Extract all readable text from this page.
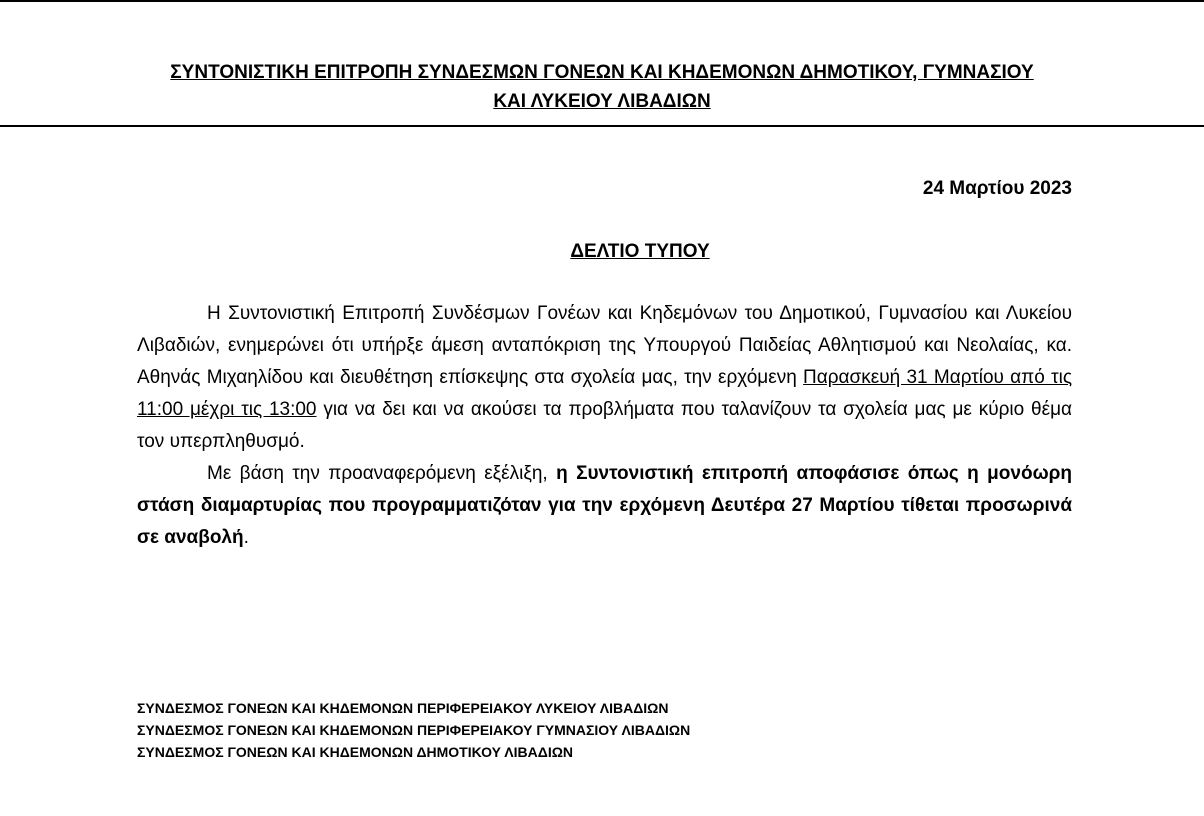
ΣΥΝΤΟΝΙΣΤΙΚΗ ΕΠΙΤΡΟΠΗ ΣΥΝΔΕΣΜΩΝ ΓΟΝΕΩΝ ΚΑΙ ΚΗΔΕΜΟΝΩΝ ΔΗΜΟΤΙΚΟΥ, ΓΥΜΝΑΣΙΟΥ
ΚΑΙ ΛΥΚΕΙΟΥ ΛΙΒΑΔΙΩΝ
24 Μαρτίου 2023
ΔΕΛΤΙΟ ΤΥΠΟΥ

Η Συντονιστική Επιτροπή Συνδέσμων Γονέων και Κηδεμόνων του Δημοτικού, Γυμνασίου και Λυκείου Λιβαδιών, ενημερώνει ότι υπήρξε άμεση ανταπόκριση της Υπουργού Παιδείας Αθλητισμού και Νεολαίας, κα. Αθηνάς Μιχαηλίδου και διευθέτηση επίσκεψης στα σχολεία μας, την ερχόμενη Παρασκευή 31 Μαρτίου από τις 11:00 μέχρι τις 13:00 για να δει και να ακούσει τα προβλήματα που ταλανίζουν τα σχολεία μας με κύριο θέμα τον υπερπληθυσμό.

Με βάση την προαναφερόμενη εξέλιξη, η Συντονιστική επιτροπή αποφάσισε όπως η μονόωρη στάση διαμαρτυρίας που προγραμματιζόταν για την ερχόμενη Δευτέρα 27 Μαρτίου τίθεται προσωρινά σε αναβολή.

ΣΥΝΔΕΣΜΟΣ ΓΟΝΕΩΝ ΚΑΙ ΚΗΔΕΜΟΝΩΝ ΠΕΡΙΦΕΡΕΙΑΚΟΥ ΛΥΚΕΙΟΥ ΛΙΒΑΔΙΩΝ
ΣΥΝΔΕΣΜΟΣ ΓΟΝΕΩΝ ΚΑΙ ΚΗΔΕΜΟΝΩΝ ΠΕΡΙΦΕΡΕΙΑΚΟΥ ΓΥΜΝΑΣΙΟΥ ΛΙΒΑΔΙΩΝ
ΣΥΝΔΕΣΜΟΣ ΓΟΝΕΩΝ ΚΑΙ ΚΗΔΕΜΟΝΩΝ ΔΗΜΟΤΙΚΟΥ ΛΙΒΑΔΙΩΝ
